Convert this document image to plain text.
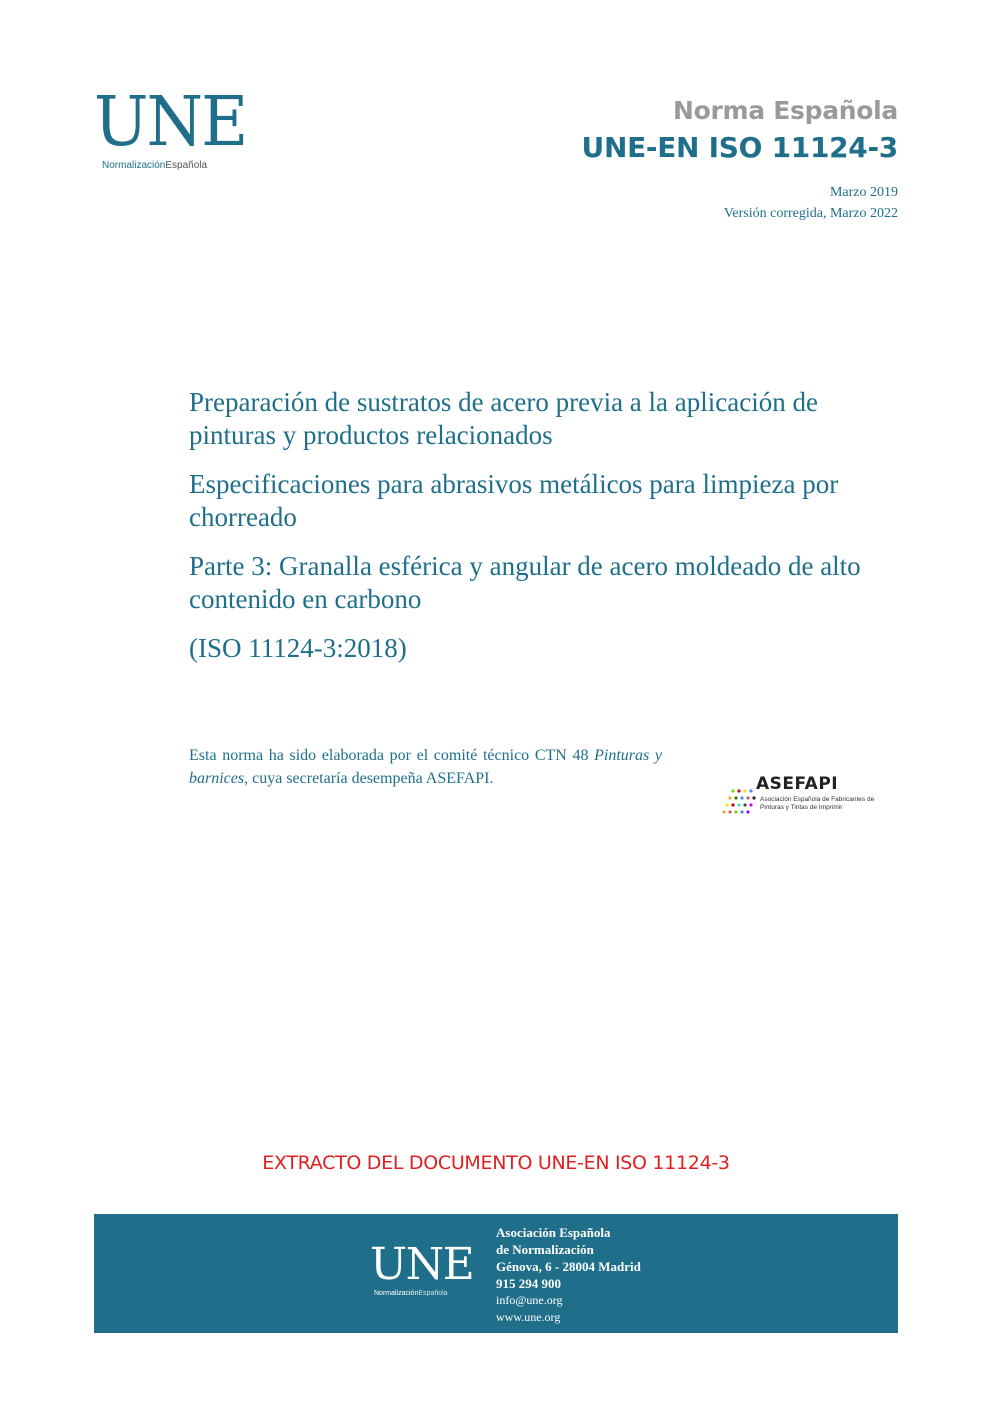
UNE
NormalizaciónEspañola
Norma Española
UNE-EN ISO 11124-3
Marzo 2019
Versión corregida, Marzo 2022

Preparación de sustratos de acero previa a la aplicación de pinturas y productos relacionados

Especificaciones para abrasivos metálicos para limpieza por chorreado

Parte 3: Granalla esférica y angular de acero moldeado de alto contenido en carbono

(ISO 11124-3:2018)

Esta norma ha sido elaborada por el comité técnico CTN 48 Pinturas y barnices, cuya secretaría desempeña ASEFAPI.	ASEFAPI
Asociación Española de Fabricantes de Pinturas y Tintas de Imprimir
EXTRACTO DEL DOCUMENTO UNE-EN ISO 11124-3
UNE
NormalizaciónEspañola
Asociación Española
de Normalización
Génova, 6 - 28004 Madrid
915 294 900
info@une.org
www.une.org
